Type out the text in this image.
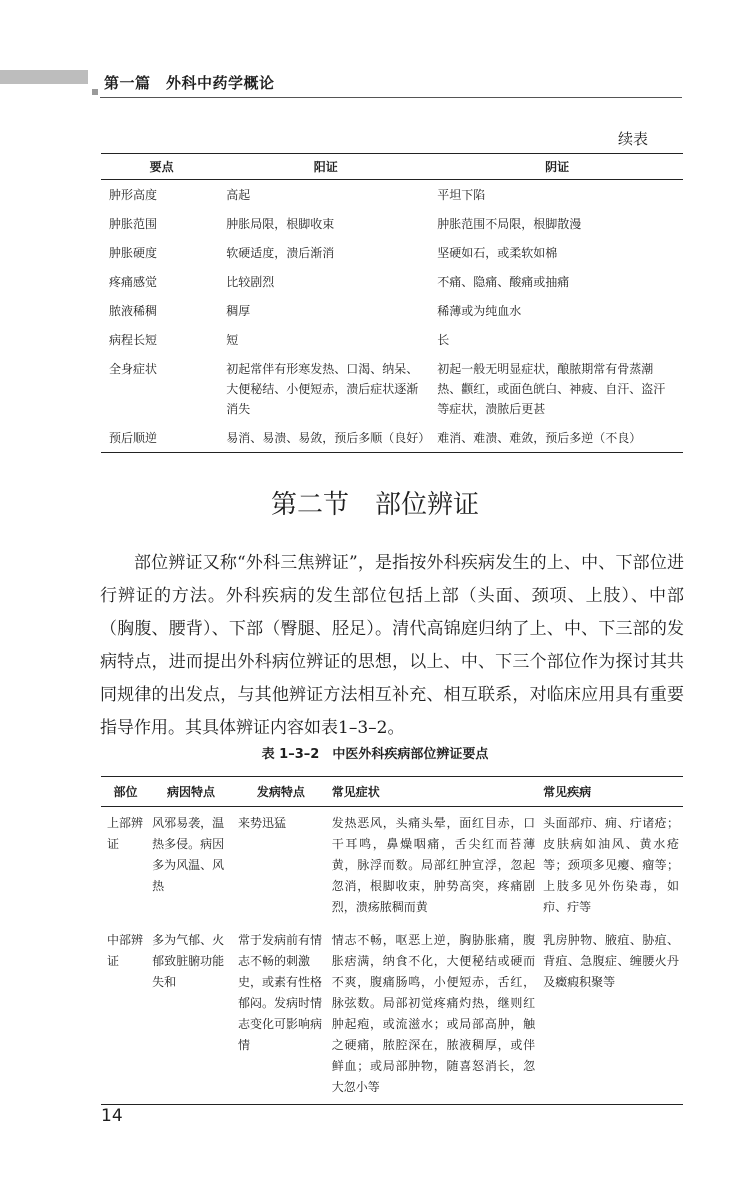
第一篇　外科中药学概论
续表
要点	阳证	阴证
肿形高度	高起	平坦下陷
肿胀范围	肿胀局限，根脚收束	肿胀范围不局限，根脚散漫
肿胀硬度	软硬适度，溃后渐消	坚硬如石，或柔软如棉
疼痛感觉	比较剧烈	不痛、隐痛、酸痛或抽痛
脓液稀稠	稠厚	稀薄或为纯血水
病程长短	短	长
全身症状	初起常伴有形寒发热、口渴、纳呆、大便秘结、小便短赤，溃后症状逐渐消失	初起一般无明显症状，酿脓期常有骨蒸潮热、颧红，或面色㿠白、神疲、自汗、盗汗等症状，溃脓后更甚
预后顺逆	易消、易溃、易敛，预后多顺（良好）	难消、难溃、难敛，预后多逆（不良）
第二节　部位辨证
部位辨证又称“外科三焦辨证”，是指按外科疾病发生的上、中、下部位进行辨证的方法。外科疾病的发生部位包括上部（头面、颈项、上肢）、中部（胸腹、腰背）、下部（臀腿、胫足）。清代高锦庭归纳了上、中、下三部的发病特点，进而提出外科病位辨证的思想，以上、中、下三个部位作为探讨其共同规律的出发点，与其他辨证方法相互补充、相互联系，对临床应用具有重要指导作用。其具体辨证内容如表1–3–2。
表 1–3–2　中医外科疾病部位辨证要点
部位	病因特点	发病特点	常见症状	常见疾病
上部辨证	风邪易袭，温热多侵。病因多为风温、风热	来势迅猛	发热恶风，头痛头晕，面红目赤，口干耳鸣，鼻燥咽痛，舌尖红而苔薄黄，脉浮而数。局部红肿宣浮，忽起忽消，根脚收束，肿势高突，疼痛剧烈，溃疡脓稠而黄	头面部疖、痈、疔诸疮；皮肤病如油风、黄水疮等；颈项多见瘿、瘤等；上肢多见外伤染毒，如疖、疔等
中部辨证	多为气郁、火郁致脏腑功能失和	常于发病前有情志不畅的刺激史，或素有性格郁闷。发病时情志变化可影响病情	情志不畅，呕恶上逆，胸胁胀痛，腹胀痞满，纳食不化，大便秘结或硬而不爽，腹痛肠鸣，小便短赤，舌红，脉弦数。局部初觉疼痛灼热，继则红肿起疱，或流滋水；或局部高肿，触之硬痛，脓腔深在，脓液稠厚，或伴鲜血；或局部肿物，随喜怒消长，忽大忽小等	乳房肿物、腋疽、胁疽、背疽、急腹症、缠腰火丹及癥瘕积聚等
14
